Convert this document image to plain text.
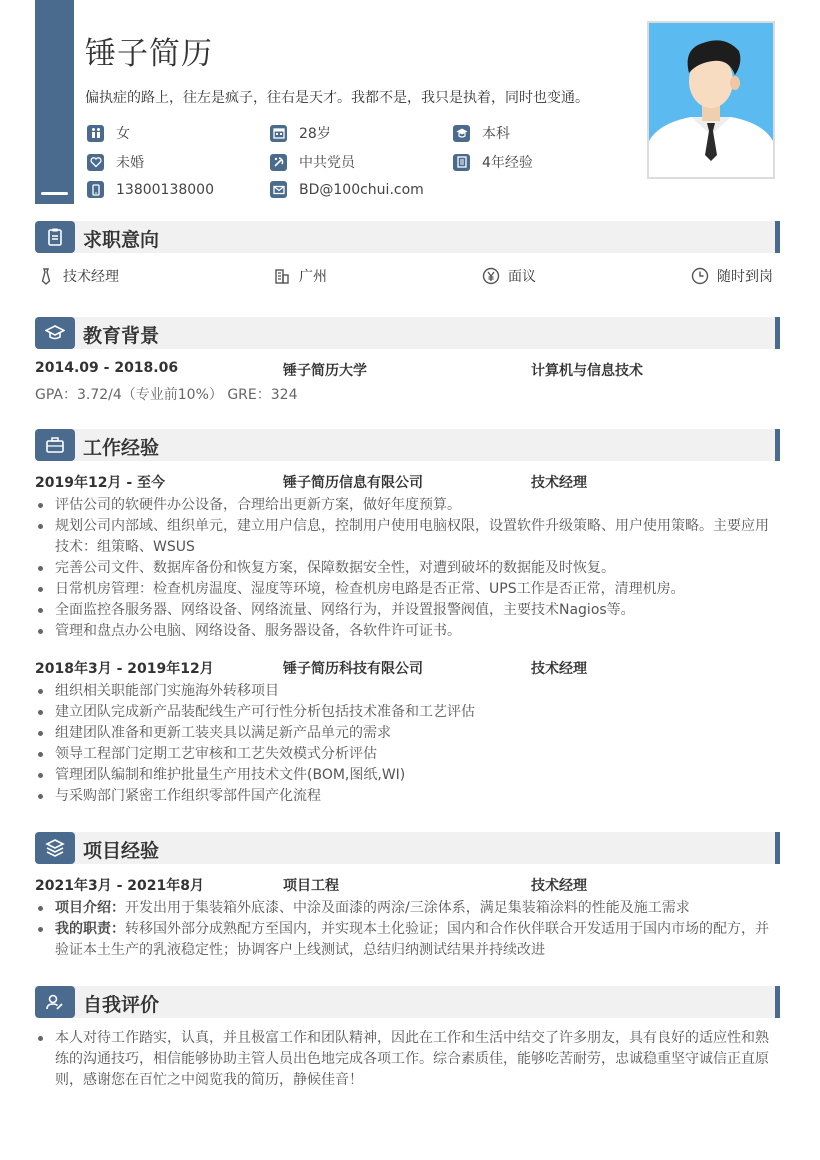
锤子简历
偏执症的路上，往左是疯子，往右是天才。我都不是，我只是执着，同时也变通。
女	28岁	本科
未婚	中共党员	4年经验
13800138000	BD@100chui.com
求职意向
技术经理	广州	面议	随时到岗
教育背景
2014.09 - 2018.06	锤子简历大学	计算机与信息技术
GPA：3.72/4（专业前10%） GRE：324
工作经验
2019年12月 - 至今	锤子简历信息有限公司	技术经理
评估公司的软硬件办公设备，合理给出更新方案，做好年度预算。
规划公司内部域、组织单元，建立用户信息，控制用户使用电脑权限，设置软件升级策略、用户使用策略。主要应用技术：组策略、WSUS
完善公司文件、数据库备份和恢复方案，保障数据安全性，对遭到破坏的数据能及时恢复。
日常机房管理：检查机房温度、湿度等环境，检查机房电路是否正常、UPS工作是否正常，清理机房。
全面监控各服务器、网络设备、网络流量、网络行为，并设置报警阀值，主要技术Nagios等。
管理和盘点办公电脑、网络设备、服务器设备，各软件许可证书。
2018年3月 - 2019年12月	锤子简历科技有限公司	技术经理
组织相关职能部门实施海外转移项目
建立团队完成新产品装配线生产可行性分析包括技术准备和工艺评估
组建团队准备和更新工装夹具以满足新产品单元的需求
领导工程部门定期工艺审核和工艺失效模式分析评估
管理团队编制和维护批量生产用技术文件(BOM,图纸,WI)
与采购部门紧密工作组织零部件国产化流程
项目经验
2021年3月 - 2021年8月	项目工程	技术经理
项目介绍：开发出用于集装箱外底漆、中涂及面漆的两涂/三涂体系，满足集装箱涂料的性能及施工需求
我的职责：转移国外部分成熟配方至国内，并实现本土化验证；国内和合作伙伴联合开发适用于国内市场的配方，并验证本土生产的乳液稳定性；协调客户上线测试，总结归纳测试结果并持续改进
自我评价
本人对待工作踏实，认真，并且极富工作和团队精神，因此在工作和生活中结交了许多朋友，具有良好的适应性和熟练的沟通技巧，相信能够协助主管人员出色地完成各项工作。综合素质佳，能够吃苦耐劳，忠诚稳重坚守诚信正直原则，感谢您在百忙之中阅览我的简历，静候佳音！
